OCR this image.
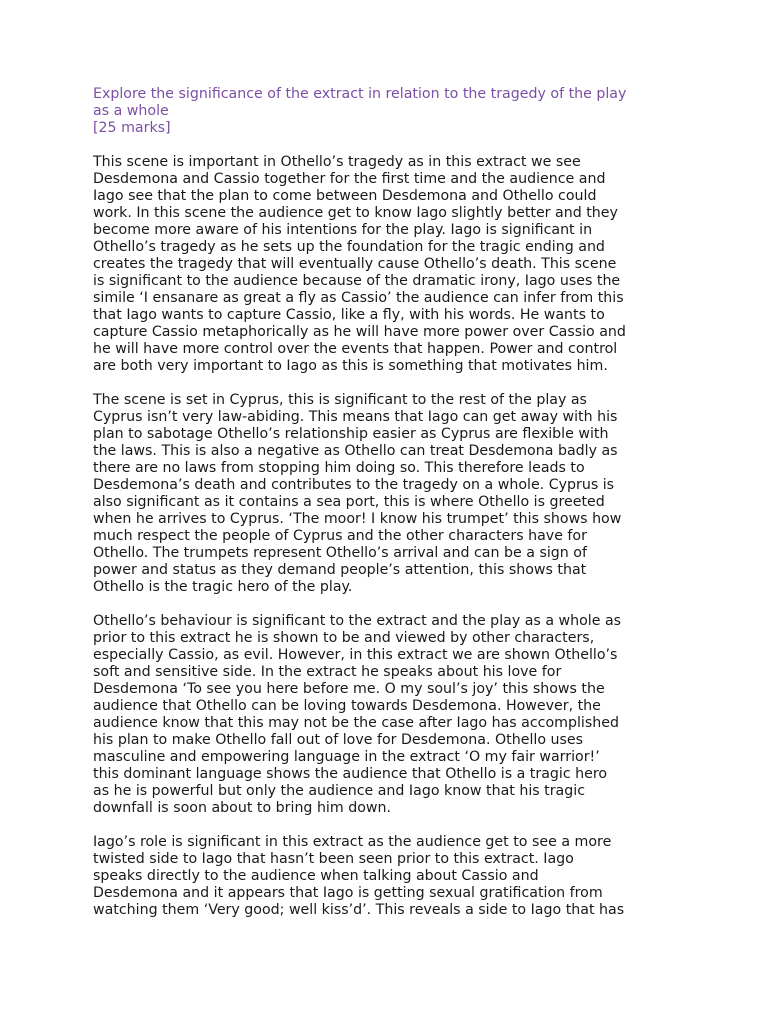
Explore the significance of the extract in relation to the tragedy of the play
as a whole

[25 marks]

This scene is important in Othello’s tragedy as in this extract we see
Desdemona and Cassio together for the first time and the audience and
Iago see that the plan to come between Desdemona and Othello could
work. In this scene the audience get to know Iago slightly better and they
become more aware of his intentions for the play. Iago is significant in
Othello’s tragedy as he sets up the foundation for the tragic ending and
creates the tragedy that will eventually cause Othello’s death. This scene
is significant to the audience because of the dramatic irony, Iago uses the
simile ‘I ensanare as great a fly as Cassio’ the audience can infer from this
that Iago wants to capture Cassio, like a fly, with his words. He wants to
capture Cassio metaphorically as he will have more power over Cassio and
he will have more control over the events that happen. Power and control
are both very important to Iago as this is something that motivates him.
The scene is set in Cyprus, this is significant to the rest of the play as
Cyprus isn’t very law-abiding. This means that Iago can get away with his
plan to sabotage Othello’s relationship easier as Cyprus are flexible with
the laws. This is also a negative as Othello can treat Desdemona badly as
there are no laws from stopping him doing so. This therefore leads to
Desdemona’s death and contributes to the tragedy on a whole. Cyprus is
also significant as it contains a sea port, this is where Othello is greeted
when he arrives to Cyprus. ‘The moor! I know his trumpet’ this shows how
much respect the people of Cyprus and the other characters have for
Othello. The trumpets represent Othello’s arrival and can be a sign of
power and status as they demand people’s attention, this shows that
Othello is the tragic hero of the play.
Othello’s behaviour is significant to the extract and the play as a whole as
prior to this extract he is shown to be and viewed by other characters,
especially Cassio, as evil. However, in this extract we are shown Othello’s
soft and sensitive side. In the extract he speaks about his love for
Desdemona ‘To see you here before me. O my soul’s joy’ this shows the
audience that Othello can be loving towards Desdemona. However, the
audience know that this may not be the case after Iago has accomplished
his plan to make Othello fall out of love for Desdemona. Othello uses
masculine and empowering language in the extract ‘O my fair warrior!’
this dominant language shows the audience that Othello is a tragic hero
as he is powerful but only the audience and Iago know that his tragic
downfall is soon about to bring him down.
Iago’s role is significant in this extract as the audience get to see a more
twisted side to Iago that hasn’t been seen prior to this extract. Iago
speaks directly to the audience when talking about Cassio and
Desdemona and it appears that Iago is getting sexual gratification from
watching them ‘Very good; well kiss’d’. This reveals a side to Iago that has
